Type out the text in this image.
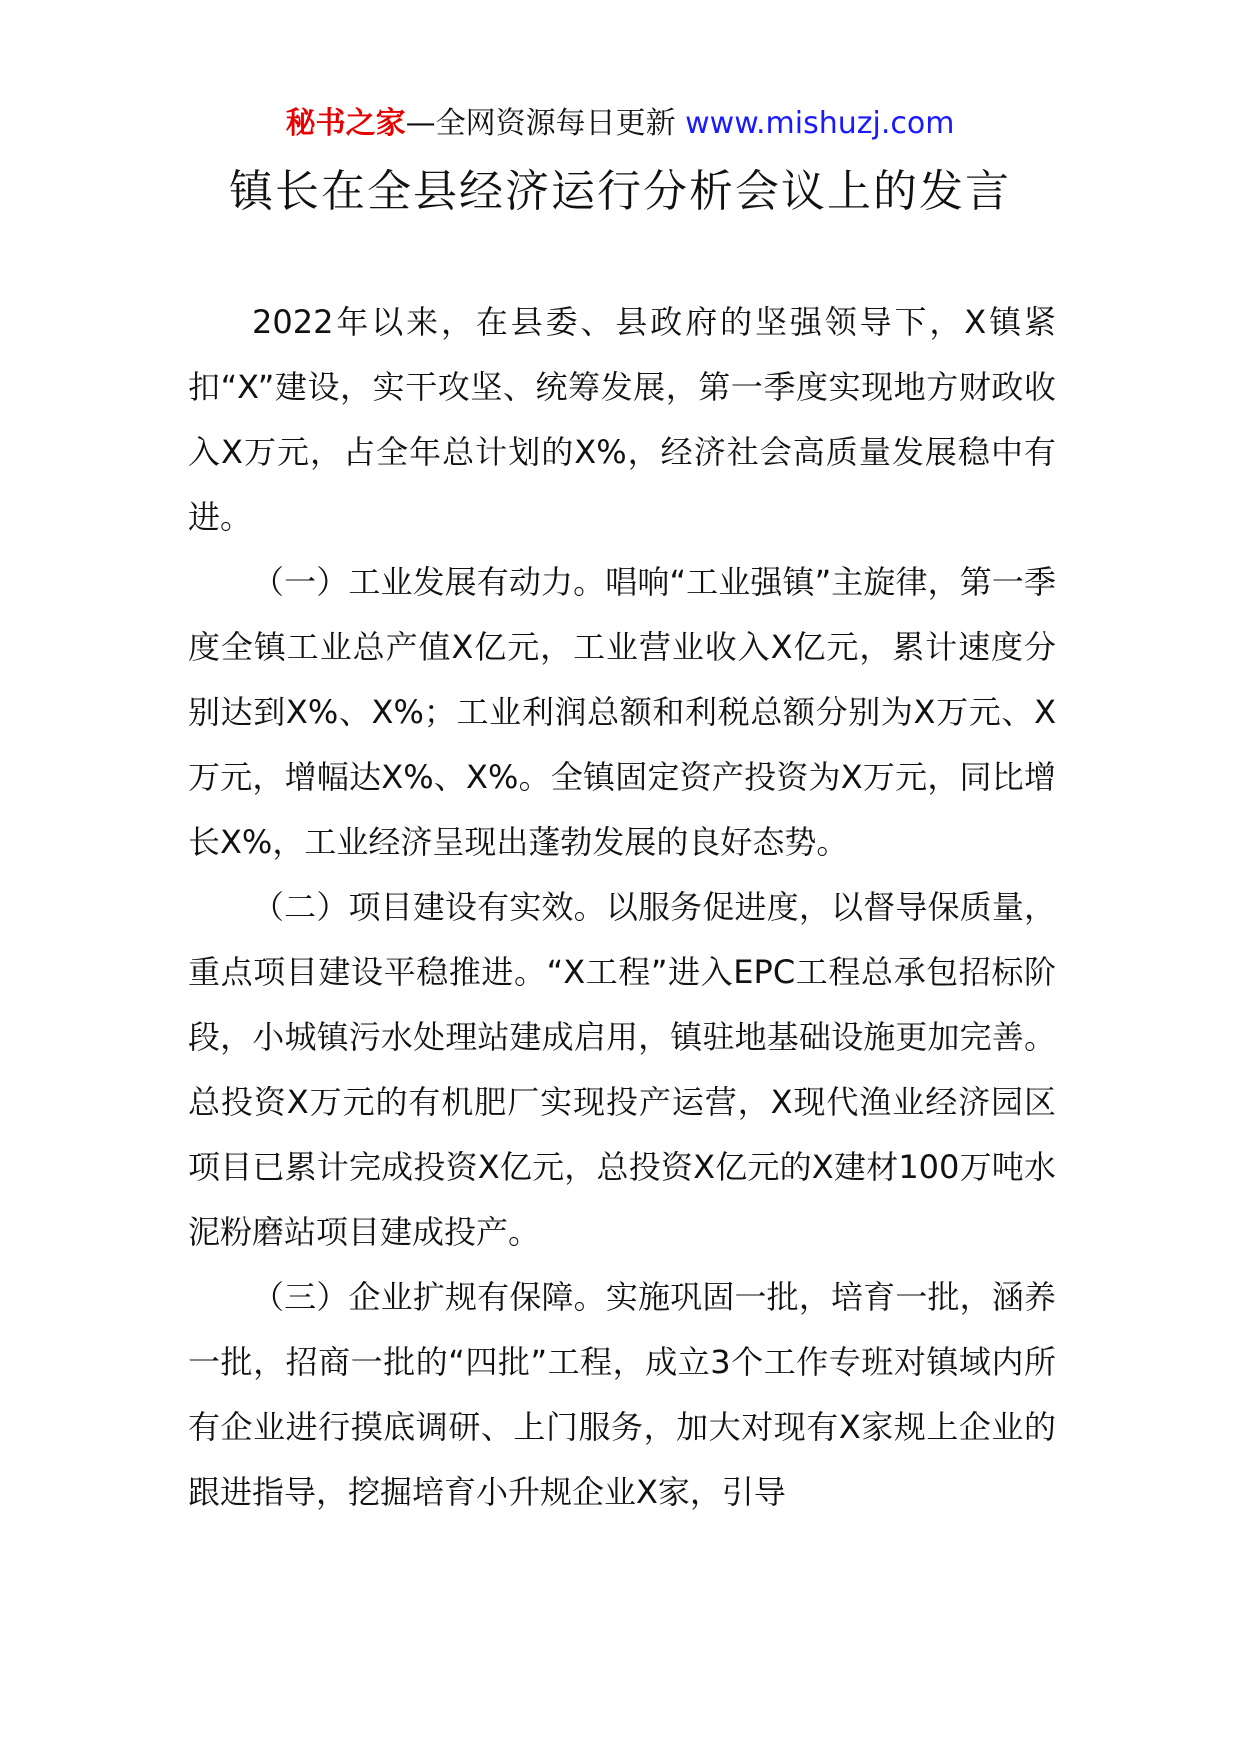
秘书之家—全网资源每日更新 www.mishuzj.com
镇长在全县经济运行分析会议上的发言

2022年以来，在县委、县政府的坚强领导下，X镇紧扣“X”建设，实干攻坚、统筹发展，第一季度实现地方财政收入X万元，占全年总计划的X%，经济社会高质量发展稳中有进。

（一）工业发展有动力。唱响“工业强镇”主旋律，第一季度全镇工业总产值X亿元，工业营业收入X亿元，累计速度分别达到X%、X%；工业利润总额和利税总额分别为X万元、X万元，增幅达X%、X%。全镇固定资产投资为X万元，同比增长X%，工业经济呈现出蓬勃发展的良好态势。

（二）项目建设有实效。以服务促进度，以督导保质量，重点项目建设平稳推进。“X工程”进入EPC工程总承包招标阶段，小城镇污水处理站建成启用，镇驻地基础设施更加完善。总投资X万元的有机肥厂实现投产运营，X现代渔业经济园区项目已累计完成投资X亿元，总投资X亿元的X建材100万吨水泥粉磨站项目建成投产。

（三）企业扩规有保障。实施巩固一批，培育一批，涵养一批，招商一批的“四批”工程，成立3个工作专班对镇域内所有企业进行摸底调研、上门服务，加大对现有X家规上企业的跟进指导，挖掘培育小升规企业X家，引导
